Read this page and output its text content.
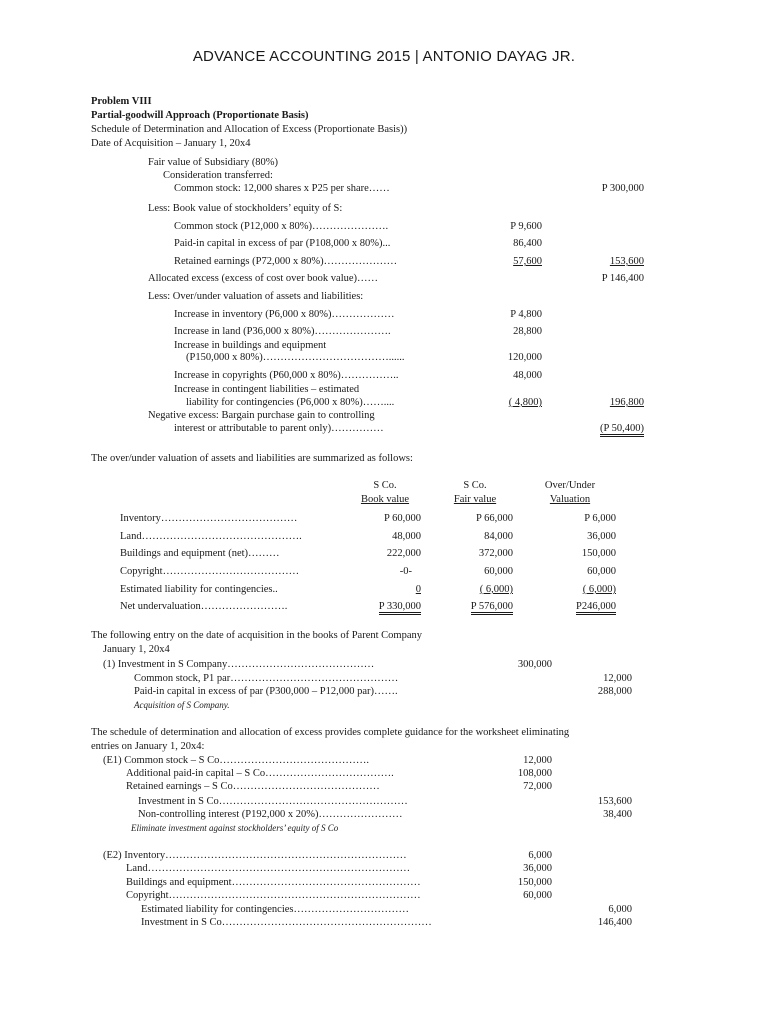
ADVANCE ACCOUNTING 2015 | ANTONIO DAYAG JR.
Problem VIII
Partial-goodwill Approach (Proportionate Basis)
Schedule of Determination and Allocation of Excess (Proportionate Basis))
Date of Acquisition – January 1, 20x4
Fair value of Subsidiary (80%)
Consideration transferred:
Common stock: 12,000 shares x P25 per share……	P 300,000
Less: Book value of stockholders’ equity of S:
Common stock (P12,000 x 80%)………………….	P 9,600
Paid-in capital in excess of par (P108,000 x 80%)...	86,400
Retained earnings (P72,000 x 80%)…………………	57,600	153,600
Allocated excess (excess of cost over book value)……	P 146,400
Less: Over/under valuation of assets and liabilities:
Increase in inventory (P6,000 x 80%)………………	P 4,800
Increase in land (P36,000 x 80%)………………….	28,800
Increase in buildings and equipment
(P150,000 x 80%)………………………………......	120,000
Increase in copyrights (P60,000 x 80%)……………..	48,000
Increase in contingent liabilities – estimated
liability for contingencies (P6,000 x 80%)……....	( 4,800)	196,800
Negative excess: Bargain purchase gain to controlling
interest or attributable to parent only)……………	(P 50,400)
The over/under valuation of assets and liabilities are summarized as follows:
S Co.	S Co.	Over/Under
Book value	Fair value	Valuation
Inventory…………………………………	P 60,000	P 66,000	P 6,000
Land……………………………………….	48,000	84,000	36,000
Buildings and equipment (net)………	222,000	372,000	150,000
Copyright…………………………………	-0-	60,000	60,000
Estimated liability for contingencies..	0	( 6,000)	( 6,000)
Net undervaluation…………………….	P 330,000	P 576,000	P246,000
The following entry on the date of acquisition in the books of Parent Company
January 1, 20x4
(1) Investment in S Company……………………………………	300,000
Common stock, P1 par…………………………………………	12,000
Paid-in capital in excess of par (P300,000 – P12,000 par)…….	288,000
Acquisition of S Company.
The schedule of determination and allocation of excess provides complete guidance for the worksheet eliminating
entries on January 1, 20x4:
(E1) Common stock – S Co…………………………………….	12,000
Additional paid-in capital – S Co……………………………….	108,000
Retained earnings – S Co……………………………………	72,000
Investment in S Co………………………………………………	153,600
Non-controlling interest (P192,000 x 20%)……………………	38,400
Eliminate investment against stockholders’ equity of S Co
(E2) Inventory……………………………………………………………	6,000
Land…………………………………………………………………	36,000
Buildings and equipment………………………………………………	150,000
Copyright………………………………………………………………	60,000
Estimated liability for contingencies……………………………	6,000
Investment in S Co……………………………………………………	146,400
